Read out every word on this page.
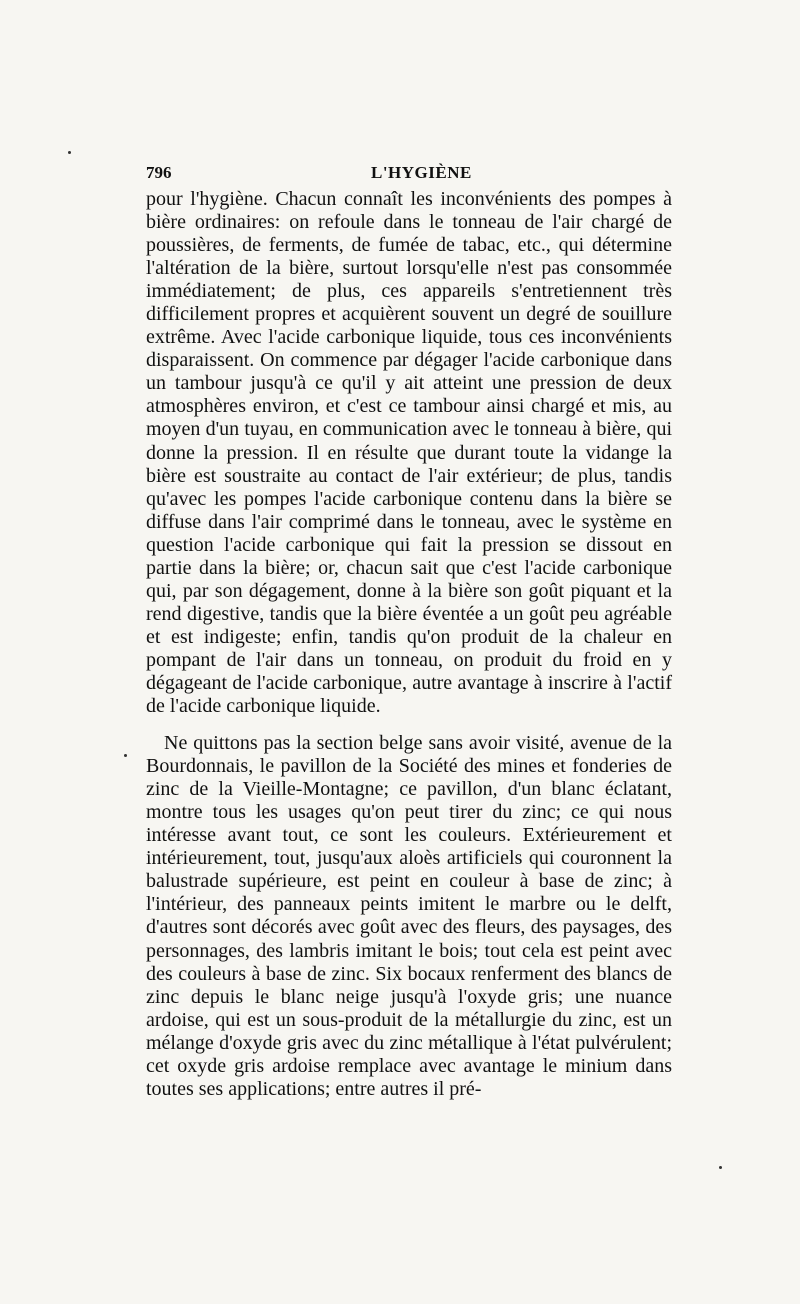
796	L'HYGIÈNE

pour l'hygiène. Chacun connaît les inconvénients des pompes à bière ordinaires: on refoule dans le tonneau de l'air chargé de poussières, de ferments, de fumée de tabac, etc., qui détermine l'altération de la bière, surtout lorsqu'elle n'est pas consommée immédiatement; de plus, ces appareils s'entretiennent très difficilement propres et acquièrent souvent un degré de souillure extrême. Avec l'acide carbonique liquide, tous ces inconvénients disparaissent. On commence par dégager l'acide carbonique dans un tambour jusqu'à ce qu'il y ait atteint une pression de deux atmosphères environ, et c'est ce tambour ainsi chargé et mis, au moyen d'un tuyau, en communication avec le tonneau à bière, qui donne la pression. Il en résulte que durant toute la vidange la bière est soustraite au contact de l'air extérieur; de plus, tandis qu'avec les pompes l'acide carbonique contenu dans la bière se diffuse dans l'air comprimé dans le tonneau, avec le système en question l'acide carbonique qui fait la pression se dissout en partie dans la bière; or, chacun sait que c'est l'acide carbonique qui, par son dégagement, donne à la bière son goût piquant et la rend digestive, tandis que la bière éventée a un goût peu agréable et est indigeste; enfin, tandis qu'on produit de la chaleur en pompant de l'air dans un tonneau, on produit du froid en y dégageant de l'acide carbonique, autre avantage à inscrire à l'actif de l'acide carbonique liquide.

Ne quittons pas la section belge sans avoir visité, avenue de la Bourdonnais, le pavillon de la Société des mines et fonderies de zinc de la Vieille-Montagne; ce pavillon, d'un blanc éclatant, montre tous les usages qu'on peut tirer du zinc; ce qui nous intéresse avant tout, ce sont les couleurs. Extérieurement et intérieurement, tout, jusqu'aux aloès artificiels qui couronnent la balustrade supérieure, est peint en couleur à base de zinc; à l'intérieur, des panneaux peints imitent le marbre ou le delft, d'autres sont décorés avec goût avec des fleurs, des paysages, des personnages, des lambris imitant le bois; tout cela est peint avec des couleurs à base de zinc. Six bocaux renferment des blancs de zinc depuis le blanc neige jusqu'à l'oxyde gris; une nuance ardoise, qui est un sous-produit de la métallurgie du zinc, est un mélange d'oxyde gris avec du zinc métallique à l'état pulvérulent; cet oxyde gris ardoise remplace avec avantage le minium dans toutes ses applications; entre autres il pré-
